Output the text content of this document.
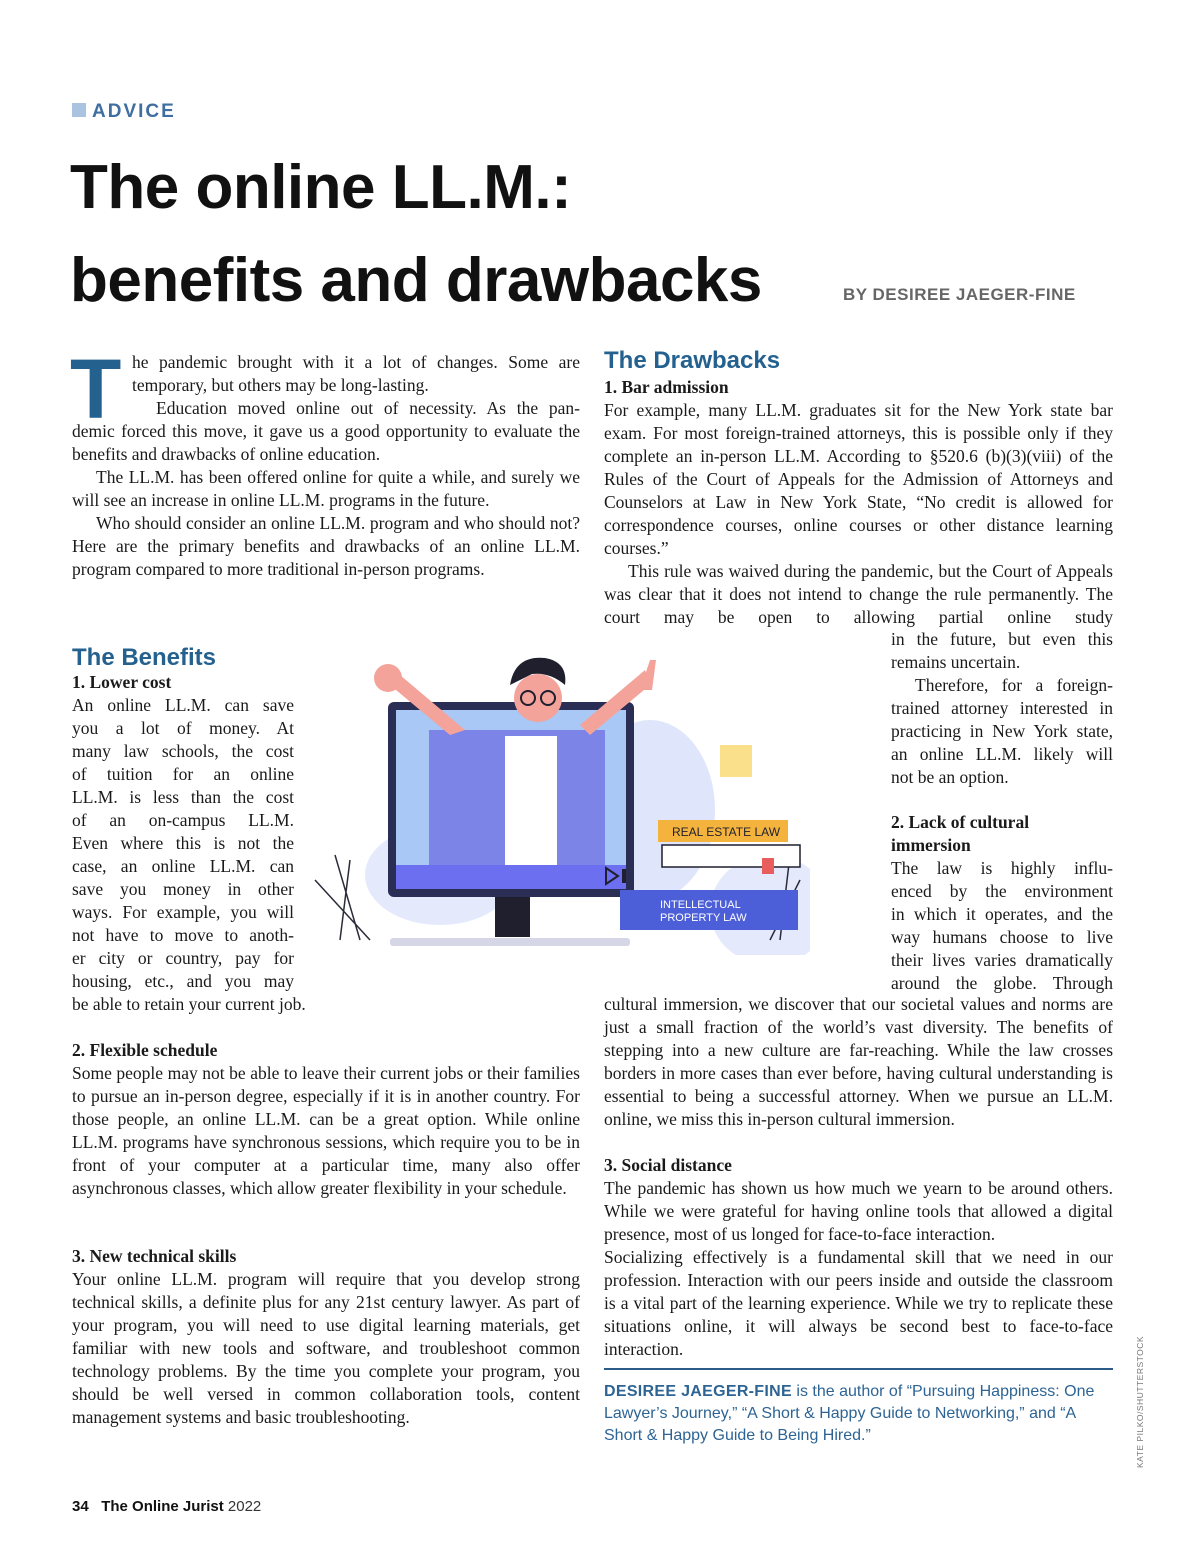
ADVICE
The online LL.M.:
benefits and drawbacks	BY DESIREE JAEGER-FINE
T he pandemic brought with it a lot of changes. Some are

temporary, but others may be long-lasting.

Education moved online out of necessity. As the pan-

demic forced this move, it gave us a good opportunity to evaluate the benefits and drawbacks of online education.

The LL.M. has been offered online for quite a while, and surely we will see an increase in online LL.M. programs in the future.

Who should consider an online LL.M. program and who should not? Here are the primary benefits and drawbacks of an online LL.M. program compared to more traditional in-person programs.

The Benefits
1. Lower cost

An online LL.M. can save

you a lot of money. At

many law schools, the cost

of tuition for an online

LL.M. is less than the cost

of an on-campus LL.M.

Even where this is not the

case, an online LL.M. can

save you money in other

ways. For example, you will

not have to move to anoth-

er city or country, pay for

housing, etc., and you may

be able to retain your current job.
2. Flexible schedule

Some people may not be able to leave their current jobs or their families to pursue an in-person degree, especially if it is in another country. For those people, an online LL.M. can be a great option. While online LL.M. programs have synchronous sessions, which require you to be in front of your computer at a particular time, many also offer asynchronous classes, which allow greater flexibility in your schedule.

3. New technical skills

Your online LL.M. program will require that you develop strong technical skills, a definite plus for any 21st century lawyer. As part of your program, you will need to use digital learning materials, get familiar with new tools and software, and troubleshoot common technology problems. By the time you complete your program, you should be well versed in common collaboration tools, content management systems and basic troubleshooting.

The Drawbacks
1. Bar admission

For example, many LL.M. graduates sit for the New York state bar exam. For most foreign-trained attorneys, this is possible only if they complete an in-person LL.M. According to §520.6 (b)(3)(viii) of the Rules of the Court of Appeals for the Admission of Attorneys and Counselors at Law in New York State, “No credit is allowed for correspondence courses, online courses or other distance learning courses.”

This rule was waived during the pandemic, but the Court of Appeals was clear that it does not intend to change the rule permanently. The court may be open to allowing partial online study

in the future, but even this

remains uncertain.

Therefore, for a foreign-

trained attorney interested in

practicing in New York state,

an online LL.M. likely will

not be an option.

2. Lack of cultural
immersion

The law is highly influ-

enced by the environment

in which it operates, and the

way humans choose to live

their lives varies dramatically

around the globe. Through

cultural immersion, we discover that our societal values and norms are just a small fraction of the world’s vast diversity. The benefits of stepping into a new culture are far-reaching. While the law crosses borders in more cases than ever before, having cultural understanding is essential to being a successful attorney. When we pursue an LL.M. online, we miss this in-person cultural immersion.

3. Social distance

The pandemic has shown us how much we yearn to be around others. While we were grateful for having online tools that allowed a digital presence, most of us longed for face-to-face interaction.

Socializing effectively is a fundamental skill that we need in our profession. Interaction with our peers inside and outside the classroom is a vital part of the learning experience. While we try to replicate these situations online, it will always be second best to face-to-face interaction.

REAL ESTATE LAW
INTELLECTUAL
PROPERTY LAW
DESIREE JAEGER-FINE is the author of “Pursuing Happiness: One Lawyer’s Journey,” “A Short & Happy Guide to Networking,” and “A Short & Happy Guide to Being Hired.”	KATE PILKO/SHUTTERSTOCK
34 The Online Jurist 2022
